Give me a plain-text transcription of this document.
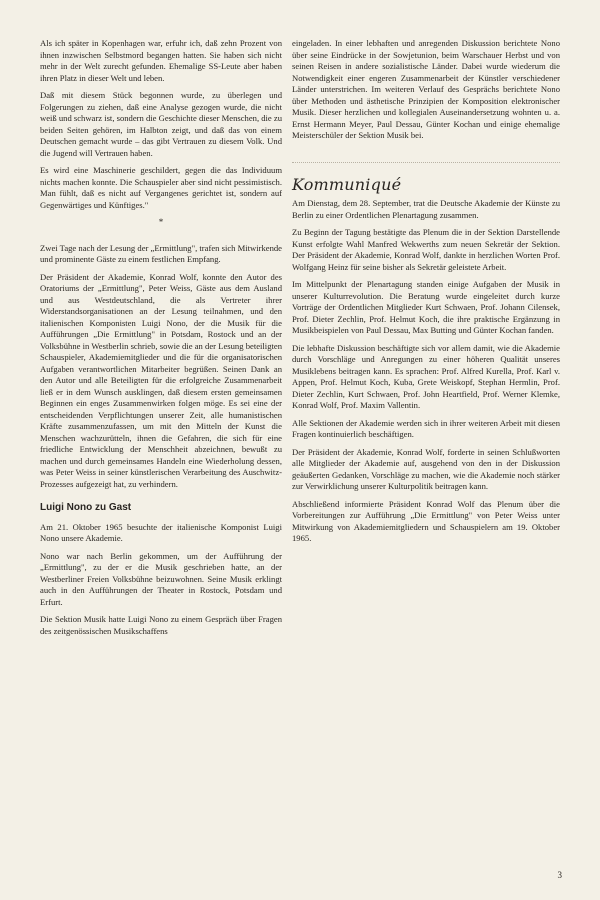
Als ich später in Kopenhagen war, erfuhr ich, daß zehn Prozent von ihnen inzwischen Selbstmord begangen hatten. Sie haben sich nicht mehr in der Welt zurecht gefunden. Ehemalige SS-Leute aber haben ihren Platz in dieser Welt und leben.

Daß mit diesem Stück begonnen wurde, zu überlegen und Folgerungen zu ziehen, daß eine Analyse gezogen wurde, die nicht weiß und schwarz ist, sondern die Geschichte dieser Menschen, die zu beiden Seiten gehören, im Halbton zeigt, und daß das von einem Deutschen gemacht wurde – das gibt Vertrauen zu diesem Volk. Und die Jugend will Vertrauen haben.

Es wird eine Maschinerie geschildert, gegen die das Individuum nichts machen konnte. Die Schauspieler aber sind nicht pessimistisch. Man fühlt, daß es nicht auf Vergangenes gerichtet ist, sondern auf Gegenwärtiges und Künftiges."

*

Zwei Tage nach der Lesung der „Ermittlung", trafen sich Mitwirkende und prominente Gäste zu einem festlichen Empfang.

Der Präsident der Akademie, Konrad Wolf, konnte den Autor des Oratoriums der „Ermittlung", Peter Weiss, Gäste aus dem Ausland und aus Westdeutschland, die als Vertreter ihrer Widerstandsorganisationen an der Lesung teilnahmen, und den italienischen Komponisten Luigi Nono, der die Musik für die Aufführungen „Die Ermittlung" in Potsdam, Rostock und an der Volksbühne in Westberlin schrieb, sowie die an der Lesung beteiligten Schauspieler, Akademiemitglieder und die für die organisatorischen Aufgaben verantwortlichen Mitarbeiter begrüßen. Seinen Dank an den Autor und alle Beteiligten für die erfolgreiche Zusammenarbeit ließ er in dem Wunsch ausklingen, daß diesem ersten gemeinsamen Beginnen ein enges Zusammenwirken folgen möge. Es sei eine der entscheidenden Verpflichtungen unserer Zeit, alle humanistischen Kräfte zusammenzufassen, um mit den Mitteln der Kunst die Menschen wachzurütteln, ihnen die Gefahren, die sich für eine friedliche Entwicklung der Menschheit abzeichnen, bewußt zu machen und durch gemeinsames Handeln eine Wiederholung dessen, was Peter Weiss in seiner künstlerischen Verarbeitung des Auschwitz-Prozesses aufgezeigt hat, zu verhindern.

Luigi Nono zu Gast

Am 21. Oktober 1965 besuchte der italienische Komponist Luigi Nono unsere Akademie.

Nono war nach Berlin gekommen, um der Aufführung der „Ermittlung", zu der er die Musik geschrieben hatte, an der Westberliner Freien Volksbühne beizuwohnen. Seine Musik erklingt auch in den Aufführungen der Theater in Rostock, Potsdam und Erfurt.

Die Sektion Musik hatte Luigi Nono zu einem Gespräch über Fragen des zeitgenössischen Musikschaffens

eingeladen. In einer lebhaften und anregenden Diskussion berichtete Nono über seine Eindrücke in der Sowjetunion, beim Warschauer Herbst und von seinen Reisen in andere sozialistische Länder. Dabei wurde wiederum die Notwendigkeit einer engeren Zusammenarbeit der Künstler verschiedener Länder unterstrichen. Im weiteren Verlauf des Gesprächs berichtete Nono über Methoden und ästhetische Prinzipien der Komposition elektronischer Musik. Dieser herzlichen und kollegialen Auseinandersetzung wohnten u. a. Ernst Hermann Meyer, Paul Dessau, Günter Kochan und einige ehemalige Meisterschüler der Sektion Musik bei.

Kommuniqué

Am Dienstag, dem 28. September, trat die Deutsche Akademie der Künste zu Berlin zu einer Ordentlichen Plenartagung zusammen.

Zu Beginn der Tagung bestätigte das Plenum die in der Sektion Darstellende Kunst erfolgte Wahl Manfred Wekwerths zum neuen Sekretär der Sektion. Der Präsident der Akademie, Konrad Wolf, dankte in herzlichen Worten Prof. Wolfgang Heinz für seine bisher als Sekretär geleistete Arbeit.

Im Mittelpunkt der Plenartagung standen einige Aufgaben der Musik in unserer Kulturrevolution. Die Beratung wurde eingeleitet durch kurze Vorträge der Ordentlichen Mitglieder Kurt Schwaen, Prof. Johann Cilensek, Prof. Dieter Zechlin, Prof. Helmut Koch, die ihre praktische Ergänzung in Musikbeispielen von Paul Dessau, Max Butting und Günter Kochan fanden.

Die lebhafte Diskussion beschäftigte sich vor allem damit, wie die Akademie durch Vorschläge und Anregungen zu einer höheren Qualität unseres Musiklebens beitragen kann. Es sprachen: Prof. Alfred Kurella, Prof. Karl v. Appen, Prof. Helmut Koch, Kuba, Grete Weiskopf, Stephan Hermlin, Prof. Dieter Zechlin, Kurt Schwaen, Prof. John Heartfield, Prof. Werner Klemke, Konrad Wolf, Prof. Maxim Vallentin.

Alle Sektionen der Akademie werden sich in ihrer weiteren Arbeit mit diesen Fragen kontinuierlich beschäftigen.

Der Präsident der Akademie, Konrad Wolf, forderte in seinen Schlußworten alle Mitglieder der Akademie auf, ausgehend von den in der Diskussion geäußerten Gedanken, Vorschläge zu machen, wie die Akademie noch stärker zur Verwirklichung unserer Kulturpolitik beitragen kann.

Abschließend informierte Präsident Konrad Wolf das Plenum über die Vorbereitungen zur Aufführung „Die Ermittlung" von Peter Weiss unter Mitwirkung von Akademiemitgliedern und Schauspielern am 19. Oktober 1965.

3
